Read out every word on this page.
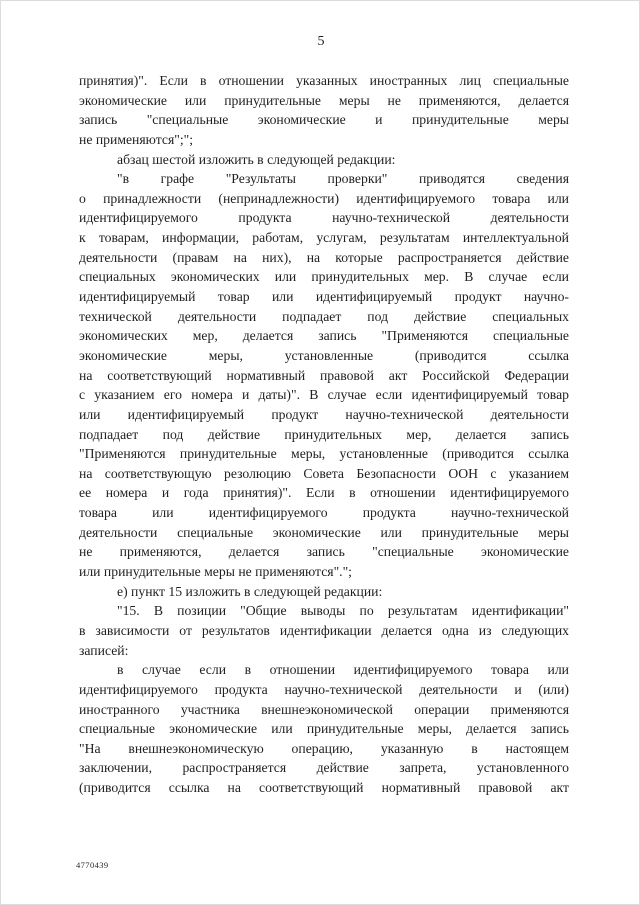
5
принятия)". Если в отношении указанных иностранных лиц специальные
экономические или принудительные меры не применяются, делается
запись "специальные экономические и принудительные меры
не применяются";";
абзац шестой изложить в следующей редакции:
"в графе "Результаты проверки" приводятся сведения
о принадлежности (непринадлежности) идентифицируемого товара или
идентифицируемого продукта научно-технической деятельности
к товарам, информации, работам, услугам, результатам интеллектуальной
деятельности (правам на них), на которые распространяется действие
специальных экономических или принудительных мер. В случае если
идентифицируемый товар или идентифицируемый продукт научно-
технической деятельности подпадает под действие специальных
экономических мер, делается запись "Применяются специальные
экономические меры, установленные (приводится ссылка
на соответствующий нормативный правовой акт Российской Федерации
с указанием его номера и даты)". В случае если идентифицируемый товар
или идентифицируемый продукт научно-технической деятельности
подпадает под действие принудительных мер, делается запись
"Применяются принудительные меры, установленные (приводится ссылка
на соответствующую резолюцию Совета Безопасности ООН с указанием
ее номера и года принятия)". Если в отношении идентифицируемого
товара или идентифицируемого продукта научно-технической
деятельности специальные экономические или принудительные меры
не применяются, делается запись "специальные экономические
или принудительные меры не применяются".";
е) пункт 15 изложить в следующей редакции:
"15. В позиции "Общие выводы по результатам идентификации"
в зависимости от результатов идентификации делается одна из следующих
записей:
в случае если в отношении идентифицируемого товара или
идентифицируемого продукта научно-технической деятельности и (или)
иностранного участника внешнеэкономической операции применяются
специальные экономические или принудительные меры, делается запись
"На внешнеэкономическую операцию, указанную в настоящем
заключении, распространяется действие запрета, установленного
(приводится ссылка на соответствующий нормативный правовой акт
4770439
